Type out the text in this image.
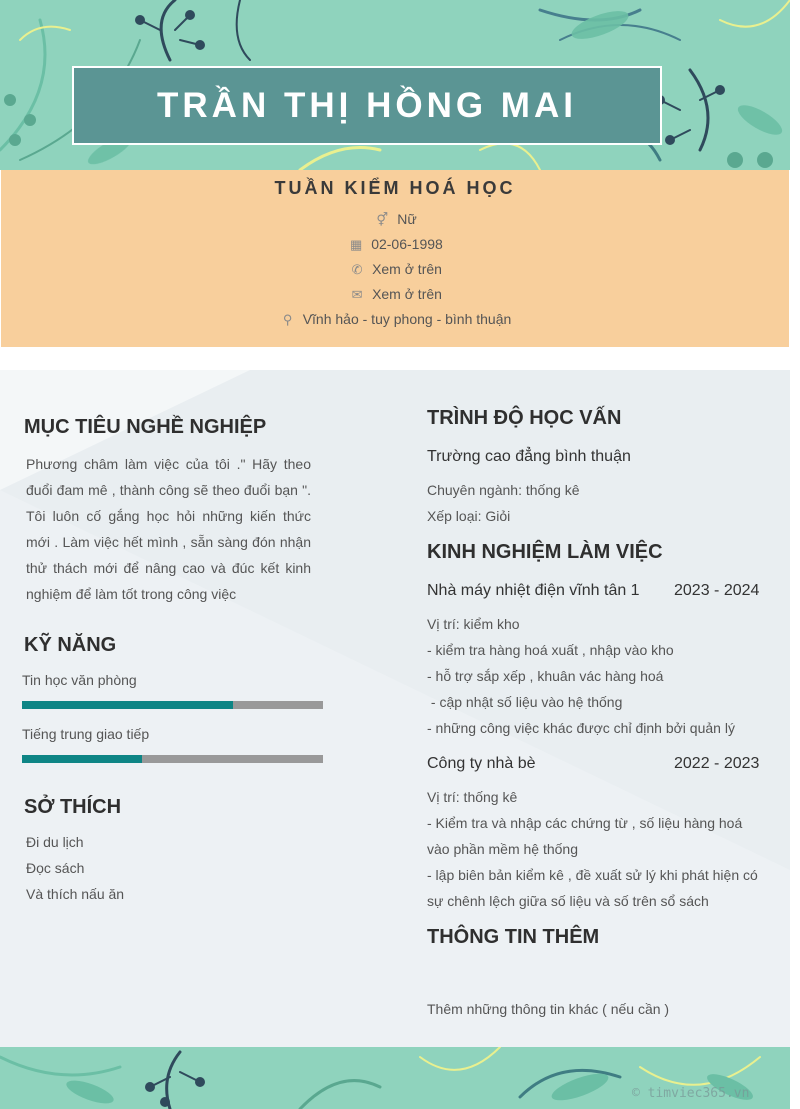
TRẦN THỊ HỒNG MAI
TUẦN KIỂM HOÁ HỌC
⚥ Nữ
▦ 02-06-1998
✆ Xem ở trên
✉ Xem ở trên
⚲ Vĩnh hảo - tuy phong - bình thuận
MỤC TIÊU NGHỀ NGHIỆP
Phương châm làm việc của tôi ." Hãy theo đuổi đam mê , thành công sẽ theo đuổi bạn ". Tôi luôn cố gắng học hỏi những kiến thức mới . Làm việc hết mình , sẵn sàng đón nhận thử thách mới để nâng cao và đúc kết kinh nghiệm để làm tốt trong công việc
KỸ NĂNG
Tin học văn phòng
Tiếng trung giao tiếp
SỞ THÍCH
Đi du lịch
Đọc sách
Và thích nấu ăn
TRÌNH ĐỘ HỌC VẤN
Trường cao đẳng bình thuận
Chuyên ngành: thống kê
Xếp loại: Giỏi
KINH NGHIỆM LÀM VIỆC
Nhà máy nhiệt điện vĩnh tân 1 2023 - 2024
Vị trí: kiểm kho
- kiểm tra hàng hoá xuất , nhập vào kho
- hỗ trợ sắp xếp , khuân vác hàng hoá
- cập nhật số liệu vào hệ thống
- những công việc khác được chỉ định bởi quản lý
Công ty nhà bè	2022 - 2023
Vị trí: thống kê
- Kiểm tra và nhập các chứng từ , số liệu hàng hoá
vào phần mềm hệ thống
- lập biên bản kiểm kê , đề xuất sử lý khi phát hiện có
sự chênh lệch giữa số liệu và số trên sổ sách
THÔNG TIN THÊM
Thêm những thông tin khác ( nếu cần )
© timviec365.vn
